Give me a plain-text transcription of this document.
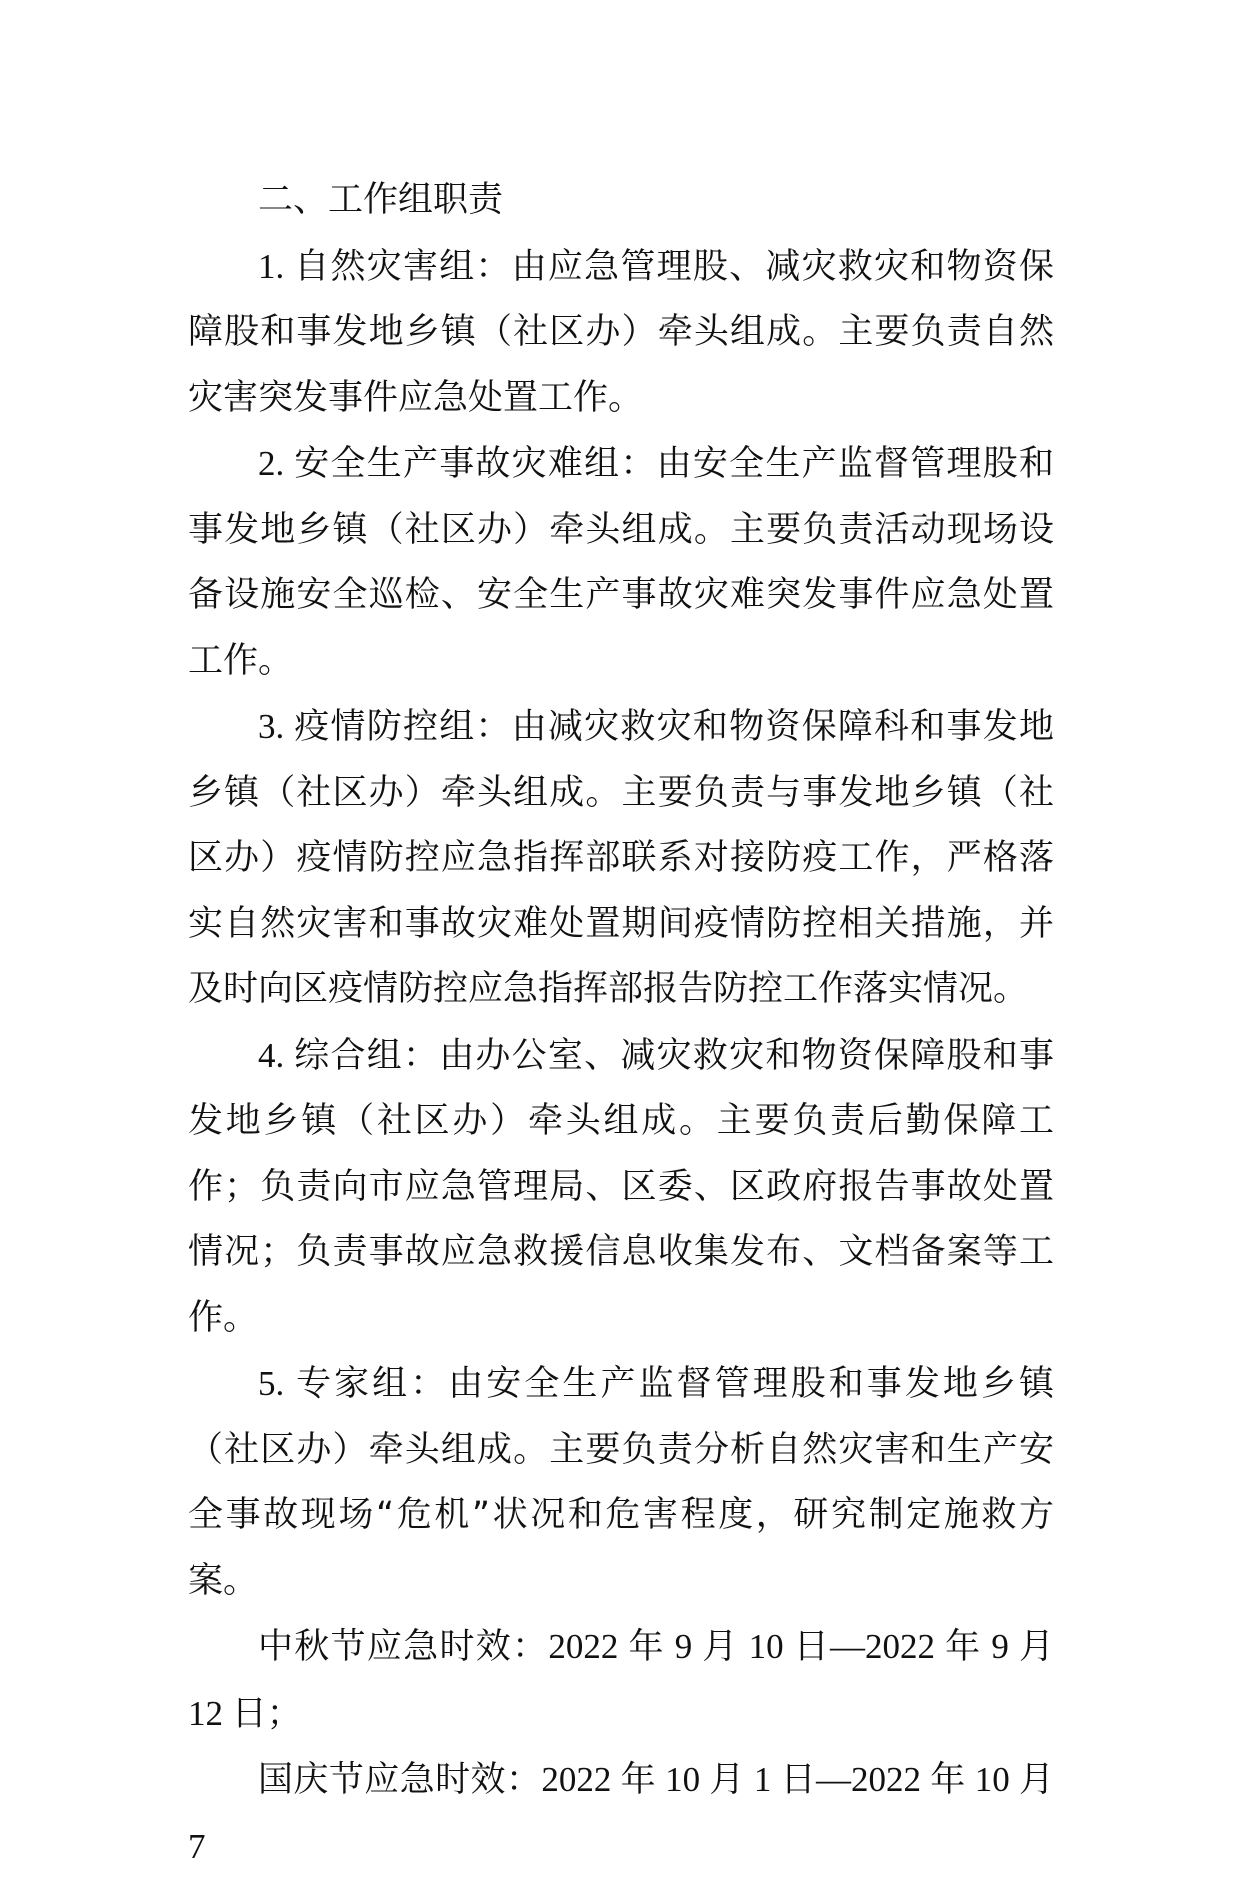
二、工作组职责

1. 自然灾害组：由应急管理股、减灾救灾和物资保障股和事发地乡镇（社区办）牵头组成。主要负责自然灾害突发事件应急处置工作。

2. 安全生产事故灾难组：由安全生产监督管理股和事发地乡镇（社区办）牵头组成。主要负责活动现场设备设施安全巡检、安全生产事故灾难突发事件应急处置工作。

3. 疫情防控组：由减灾救灾和物资保障科和事发地乡镇（社区办）牵头组成。主要负责与事发地乡镇（社区办）疫情防控应急指挥部联系对接防疫工作，严格落实自然灾害和事故灾难处置期间疫情防控相关措施，并及时向区疫情防控应急指挥部报告防控工作落实情况。

4. 综合组：由办公室、减灾救灾和物资保障股和事发地乡镇（社区办）牵头组成。主要负责后勤保障工作；负责向市应急管理局、区委、区政府报告事故处置情况；负责事故应急救援信息收集发布、文档备案等工作。

5. 专家组：由安全生产监督管理股和事发地乡镇（社区办）牵头组成。主要负责分析自然灾害和生产安全事故现场“危机”状况和危害程度，研究制定施救方案。

中秋节应急时效：2022 年 9 月 10 日—2022 年 9 月 12 日；

国庆节应急时效：2022 年 10 月 1 日—2022 年 10 月 7
